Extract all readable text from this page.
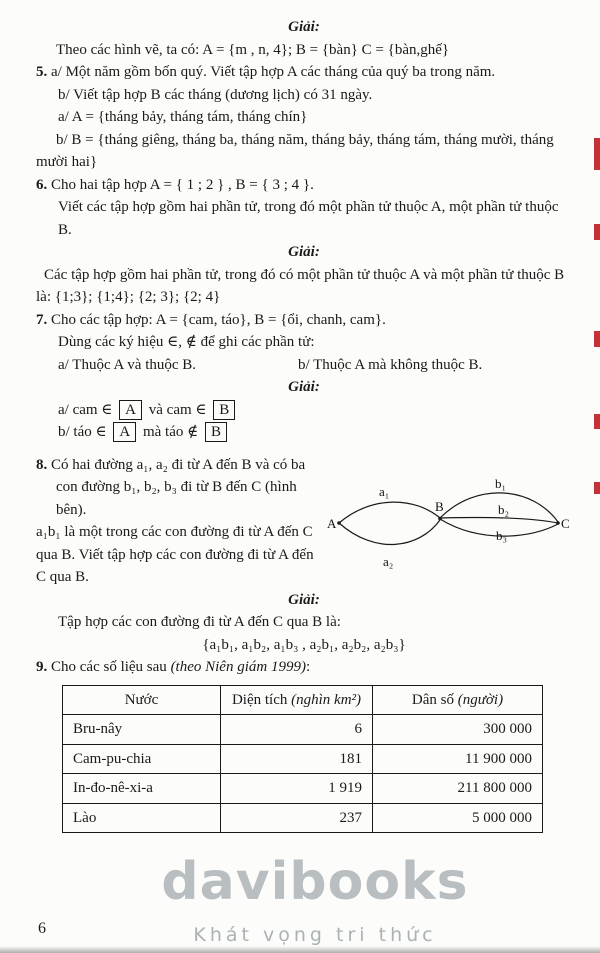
Giải:

Theo các hình vẽ, ta có: A = {m , n, 4}; B = {bàn} C = {bàn,ghế}

5. a/ Một năm gồm bốn quý. Viết tập hợp A các tháng của quý ba trong năm.

b/ Viết tập hợp B các tháng (dương lịch) có 31 ngày.

a/ A = {tháng bảy, tháng tám, tháng chín}

b/ B = {tháng giêng, tháng ba, tháng năm, tháng bảy, tháng tám, tháng mười, tháng mười hai}

6. Cho hai tập hợp A = { 1 ; 2 } , B = { 3 ; 4 }.

Viết các tập hợp gồm hai phần tử, trong đó một phần tử thuộc A, một phần tử thuộc B.

Giải:

Các tập hợp gồm hai phần tử, trong đó có một phần tử thuộc A và một phần tử thuộc B là: {1;3}; {1;4}; {2; 3}; {2; 4}

7. Cho các tập hợp: A = {cam, táo}, B = {ổi, chanh, cam}.

Dùng các ký hiệu ∈, ∉ để ghi các phần tử:

a/ Thuộc A và thuộc B.	b/ Thuộc A mà không thuộc B.

Giải:

a/ cam ∈ A và cam ∈ B

b/ táo ∈ A mà táo ∉ B

8. Có hai đường a₁, a₂ đi từ A đến B và có ba con đường b₁, b₂, b₃ đi từ B đến C (hình bên).

a₁b₁ là một trong các con đường đi từ A đến C qua B. Viết tập hợp các con đường đi từ A đến C qua B.

A
B
C
a₁
a₂
b₁
b₂
b₃

Giải:

Tập hợp các con đường đi từ A đến C qua B là:

{a₁b₁, a₁b₂, a₁b₃ , a₂b₁, a₂b₂, a₂b₃}

9. Cho các số liệu sau (theo Niên giám 1999):

Nước	Diện tích (nghìn km²)	Dân số (người)
Bru-nây	6	300 000
Cam-pu-chia	181	11 900 000
In-đo-nê-xi-a	1 919	211 800 000
Lào	237	5 000 000
davibooks
Khát vọng tri thức
6
